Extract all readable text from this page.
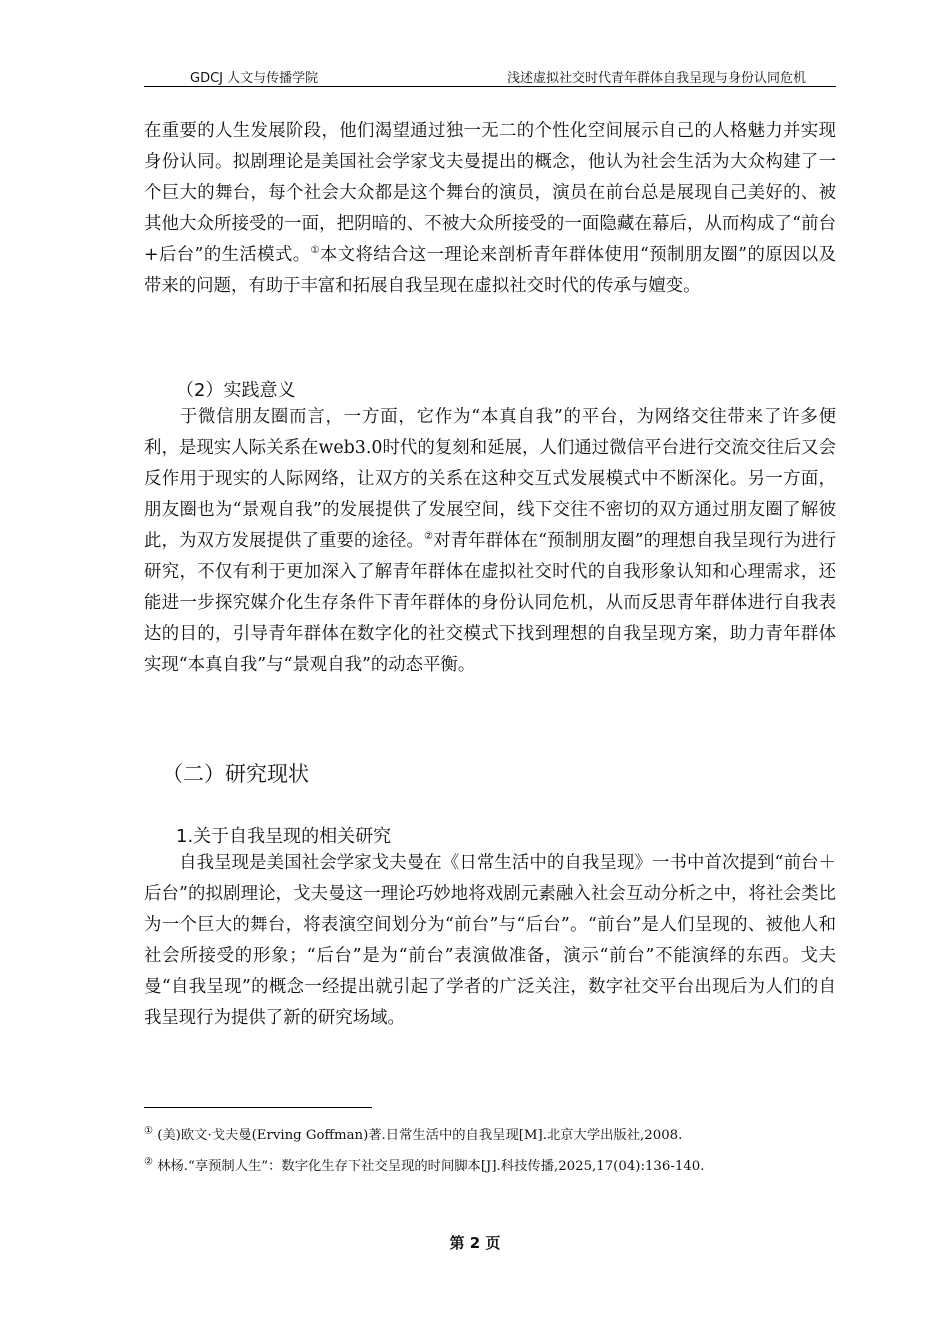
GDCJ 人文与传播学院	浅述虚拟社交时代青年群体自我呈现与身份认同危机

在重要的人生发展阶段，他们渴望通过独一无二的个性化空间展示自己的人格魅力并实现身份认同。拟剧理论是美国社会学家戈夫曼提出的概念，他认为社会生活为大众构建了一个巨大的舞台，每个社会大众都是这个舞台的演员，演员在前台总是展现自己美好的、被其他大众所接受的一面，把阴暗的、不被大众所接受的一面隐藏在幕后，从而构成了“前台+后台”的生活模式。①本文将结合这一理论来剖析青年群体使用“预制朋友圈”的原因以及带来的问题，有助于丰富和拓展自我呈现在虚拟社交时代的传承与嬗变。

（2）实践意义

于微信朋友圈而言，一方面，它作为“本真自我”的平台，为网络交往带来了许多便利，是现实人际关系在web3.0时代的复刻和延展，人们通过微信平台进行交流交往后又会反作用于现实的人际网络，让双方的关系在这种交互式发展模式中不断深化。另一方面，朋友圈也为“景观自我”的发展提供了发展空间，线下交往不密切的双方通过朋友圈了解彼此，为双方发展提供了重要的途径。②对青年群体在“预制朋友圈”的理想自我呈现行为进行研究，不仅有利于更加深入了解青年群体在虚拟社交时代的自我形象认知和心理需求，还能进一步探究媒介化生存条件下青年群体的身份认同危机，从而反思青年群体进行自我表达的目的，引导青年群体在数字化的社交模式下找到理想的自我呈现方案，助力青年群体实现“本真自我”与“景观自我”的动态平衡。

（二）研究现状
1.关于自我呈现的相关研究

自我呈现是美国社会学家戈夫曼在《日常生活中的自我呈现》一书中首次提到“前台＋后台”的拟剧理论，戈夫曼这一理论巧妙地将戏剧元素融入社会互动分析之中，将社会类比为一个巨大的舞台，将表演空间划分为“前台”与“后台”。“前台”是人们呈现的、被他人和社会所接受的形象；“后台”是为“前台”表演做准备，演示“前台”不能演绎的东西。戈夫曼“自我呈现”的概念一经提出就引起了学者的广泛关注，数字社交平台出现后为人们的自我呈现行为提供了新的研究场域。

① (美)欧文·戈夫曼(Erving Goffman)著.日常生活中的自我呈现[M].北京大学出版社,2008.

② 林杨.“享预制人生”：数字化生存下社交呈现的时间脚本[J].科技传播,2025,17(04):136-140.

第 2 页
